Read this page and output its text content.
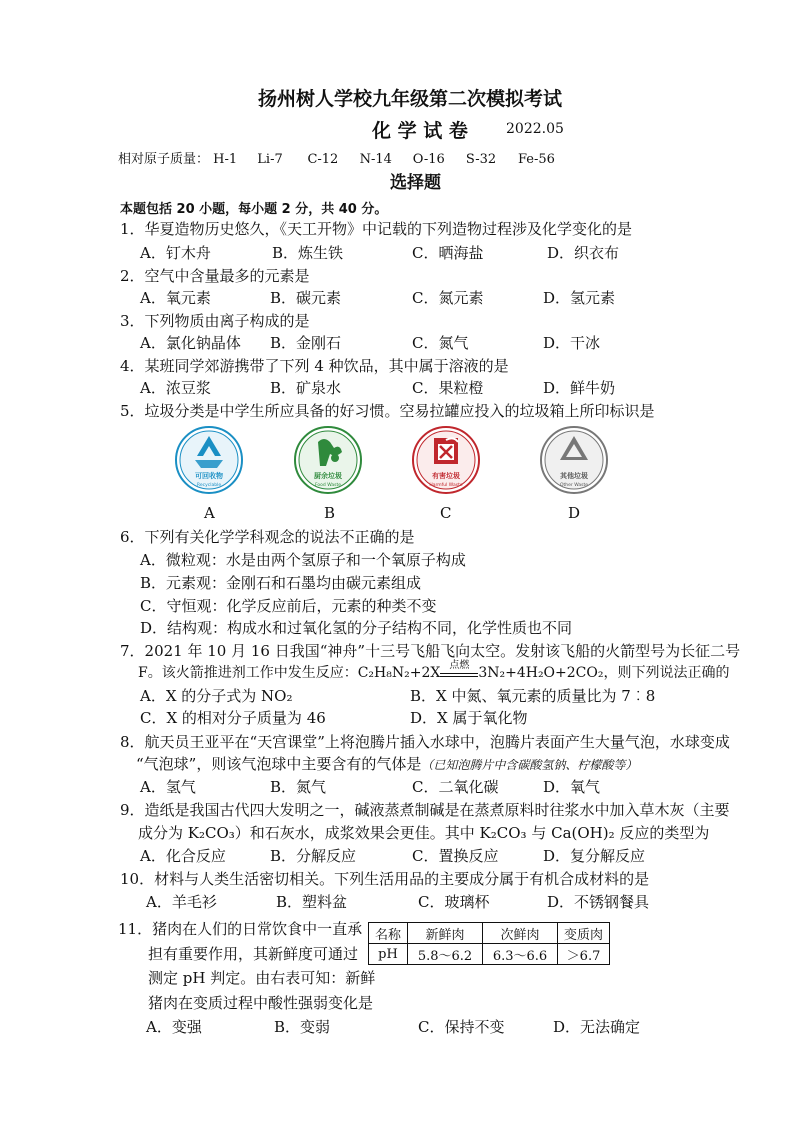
扬州树人学校九年级第二次模拟考试
化 学 试 卷	2022.05
相对原子质量： H-1 Li-7 C-12 N-14 O-16 S-32 Fe-56
选择题
本题包括 20 小题，每小题 2 分，共 40 分。
1．华夏造物历史悠久，《天工开物》中记载的下列造物过程涉及化学变化的是
A．钉木舟	B．炼生铁	C．晒海盐	D．织衣布
2．空气中含量最多的元素是
A．氧元素	B．碳元素	C．氮元素	D．氢元素
3．下列物质由离子构成的是
A．氯化钠晶体 B．金刚石	C．氮气	D．干冰
4．某班同学郊游携带了下列 4 种饮品，其中属于溶液的是
A．浓豆浆	B．矿泉水	C．果粒橙	D．鲜牛奶
5．垃圾分类是中学生所应具备的好习惯。空易拉罐应投入的垃圾箱上所印标识是
可回收物
Recyclable
厨余垃圾
Food Waste
有害垃圾
Harmful Waste
其他垃圾
Other Waste
A	B	C	D
6．下列有关化学学科观念的说法不正确的是
A．微粒观：水是由两个氢原子和一个氧原子构成
B．元素观：金刚石和石墨均由碳元素组成
C．守恒观：化学反应前后，元素的种类不变
D．结构观：构成水和过氧化氢的分子结构不同，化学性质也不同
7．2021 年 10 月 16 日我国“神舟”十三号飞船飞向太空。发射该飞船的火箭型号为长征二号
F。该火箭推进剂工作中发生反应：C₂H₈N₂+2X 点燃 3N₂+4H₂O+2CO₂，则下列说法正确的
A．X 的分子式为 NO₂	B．X 中氮、氧元素的质量比为 7︰8
C．X 的相对分子质量为 46	D．X 属于氧化物
8．航天员王亚平在“天宫课堂”上将泡腾片插入水球中，泡腾片表面产生大量气泡，水球变成
“气泡球”，则该气泡球中主要含有的气体是（已知泡腾片中含碳酸氢钠、柠檬酸等）
A．氢气	B．氮气	C．二氧化碳	D．氧气
9．造纸是我国古代四大发明之一，碱液蒸煮制碱是在蒸煮原料时往浆水中加入草木灰（主要
成分为 K₂CO₃）和石灰水，成浆效果会更佳。其中 K₂CO₃ 与 Ca(OH)₂ 反应的类型为
A．化合反应	B．分解反应	C．置换反应	D．复分解反应
10．材料与人类生活密切相关。下列生活用品的主要成分属于有机合成材料的是
A．羊毛衫	B．塑料盆	C．玻璃杯	D．不锈钢餐具
11．猪肉在人们的日常饮食中一直承
担有重要作用，其新鲜度可通过
测定 pH 判定。由右表可知：新鲜
猪肉在变质过程中酸性强弱变化是
名称	新鲜肉	次鲜肉	变质肉
pH	5.8～6.2	6.3～6.6	＞6.7
A．变强	B．变弱	C．保持不变	D．无法确定
